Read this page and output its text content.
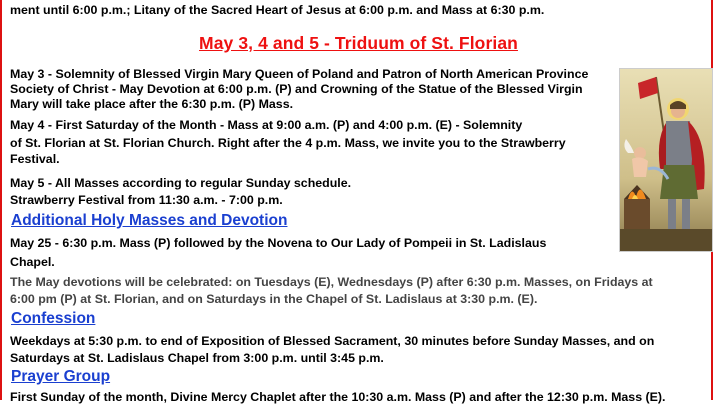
ment until 6:00 p.m.; Litany of the Sacred Heart of Jesus at 6:00 p.m. and Mass at 6:30 p.m.
May 3, 4 and 5 - Triduum of St. Florian
May 3 - Solemnity of Blessed Virgin Mary Queen of Poland and Patron of North American Province
Society of Christ - May Devotion at 6:00 p.m. (P) and Crowning of the Statue of the Blessed Virgin
Mary will take place after the 6:30 p.m. (P) Mass.
May 4 - First Saturday of the Month - Mass at 9:00 a.m. (P) and 4:00 p.m. (E) - Solemnity
of St. Florian at St. Florian Church. Right after the 4 p.m. Mass, we invite you to the Strawberry
Festival.
May 5 - All Masses according to regular Sunday schedule.
Strawberry Festival from 11:30 a.m. - 7:00 p.m.
Additional Holy Masses and Devotion
May 25 - 6:30 p.m. Mass (P) followed by the Novena to Our Lady of Pompeii in St. Ladislaus
Chapel.
The May devotions will be celebrated: on Tuesdays (E), Wednesdays (P) after 6:30 p.m. Masses, on Fridays at
6:00 pm (P) at St. Florian, and on Saturdays in the Chapel of St. Ladislaus at 3:30 p.m. (E).
Confession
Weekdays at 5:30 p.m. to end of Exposition of Blessed Sacrament, 30 minutes before Sunday Masses, and on
Saturdays at St. Ladislaus Chapel from 3:00 p.m. until 3:45 p.m.
Prayer Group
First Sunday of the month, Divine Mercy Chaplet after the 10:30 a.m. Mass (P) and after the 12:30 p.m. Mass (E).
